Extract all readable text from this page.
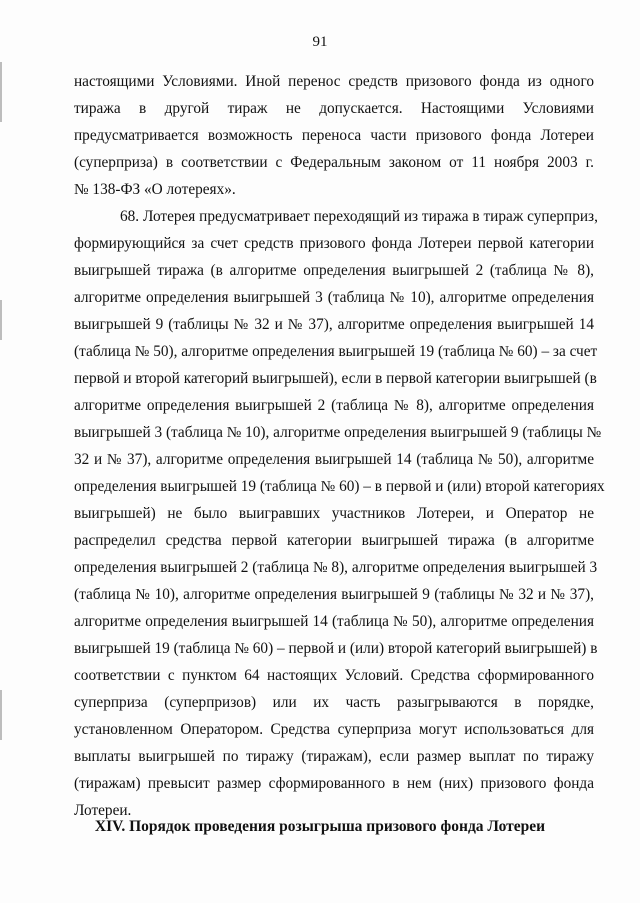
91
настоящими Условиями. Иной перенос средств призового фонда из одного
тиража в другой тираж не допускается. Настоящими Условиями
предусматривается возможность переноса части призового фонда Лотереи
(суперприза) в соответствии с Федеральным законом от 11 ноября 2003 г.
№ 138-ФЗ «О лотереях».
68. Лотерея предусматривает переходящий из тиража в тираж суперприз,
формирующийся за счет средств призового фонда Лотереи первой категории
выигрышей тиража (в алгоритме определения выигрышей 2 (таблица № 8),
алгоритме определения выигрышей 3 (таблица № 10), алгоритме определения
выигрышей 9 (таблицы № 32 и № 37), алгоритме определения выигрышей 14
(таблица № 50), алгоритме определения выигрышей 19 (таблица № 60) – за счет
первой и второй категорий выигрышей), если в первой категории выигрышей (в
алгоритме определения выигрышей 2 (таблица № 8), алгоритме определения
выигрышей 3 (таблица № 10), алгоритме определения выигрышей 9 (таблицы №
32 и № 37), алгоритме определения выигрышей 14 (таблица № 50), алгоритме
определения выигрышей 19 (таблица № 60) – в первой и (или) второй категориях
выигрышей) не было выигравших участников Лотереи, и Оператор не
распределил средства первой категории выигрышей тиража (в алгоритме
определения выигрышей 2 (таблица № 8), алгоритме определения выигрышей 3
(таблица № 10), алгоритме определения выигрышей 9 (таблицы № 32 и № 37),
алгоритме определения выигрышей 14 (таблица № 50), алгоритме определения
выигрышей 19 (таблица № 60) – первой и (или) второй категорий выигрышей) в
соответствии с пунктом 64 настоящих Условий. Средства сформированного
суперприза (суперпризов) или их часть разыгрываются в порядке,
установленном Оператором. Средства суперприза могут использоваться для
выплаты выигрышей по тиражу (тиражам), если размер выплат по тиражу
(тиражам) превысит размер сформированного в нем (них) призового фонда
Лотереи.
XIV. Порядок проведения розыгрыша призового фонда Лотереи
